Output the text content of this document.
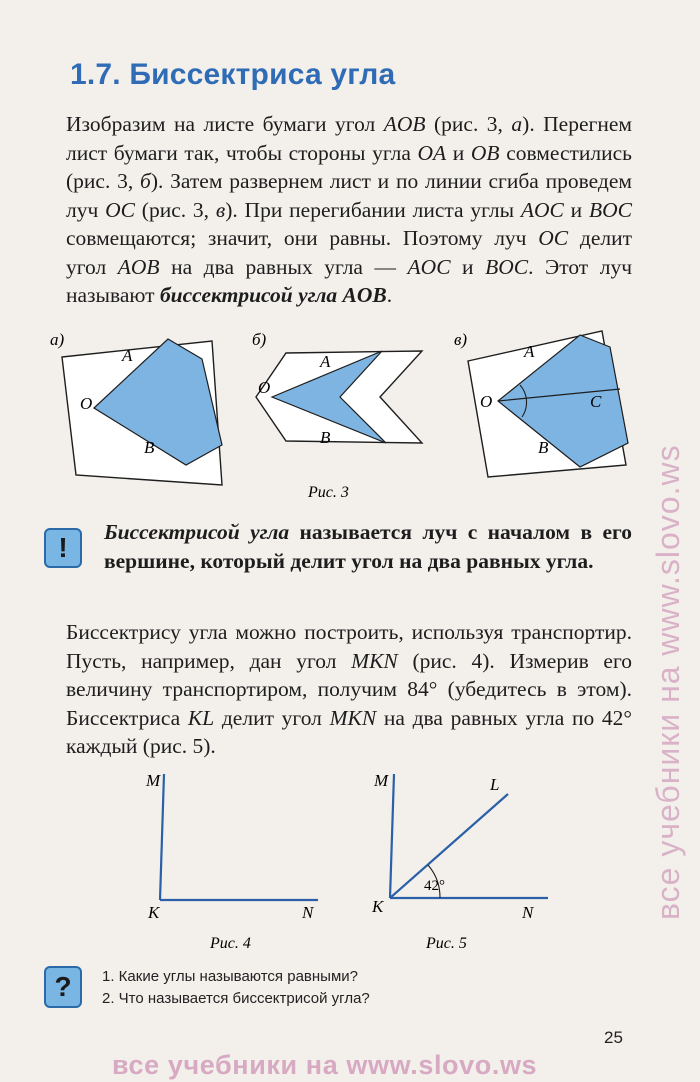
1.7. Биссектриса угла
Изобразим на листе бумаги угол AOB (рис. 3, а). Перегнем лист бумаги так, чтобы стороны угла OA и OB совместились (рис. 3, б). Затем развернем лист и по линии сгиба проведем луч OC (рис. 3, в). При перегибании листа углы AOC и BOC совмещаются; значит, они равны. Поэтому луч OC делит угол AOB на два равных угла — AOC и BOC. Этот луч называют биссектрисой угла AOB.
а)
A
O
B
б)
A
O
B
в)
A
O	C
B
Рис. 3
!	Биссектрисой угла называется луч с началом в его вершине, который делит угол на два равных угла.
Биссектрису угла можно построить, используя транспортир. Пусть, например, дан угол MKN (рис. 4). Измерив его величину транспортиром, получим 84° (убедитесь в этом). Биссектриса KL делит угол MKN на два равных угла по 42° каждый (рис. 5).
M
K	N
Рис. 4
M	L
K	N
42°
Рис. 5
?	1. Какие углы называются равными?
2. Что называется биссектрисой угла?
25
все учебники на www.slovo.ws
все учебники на www.slovo.ws
